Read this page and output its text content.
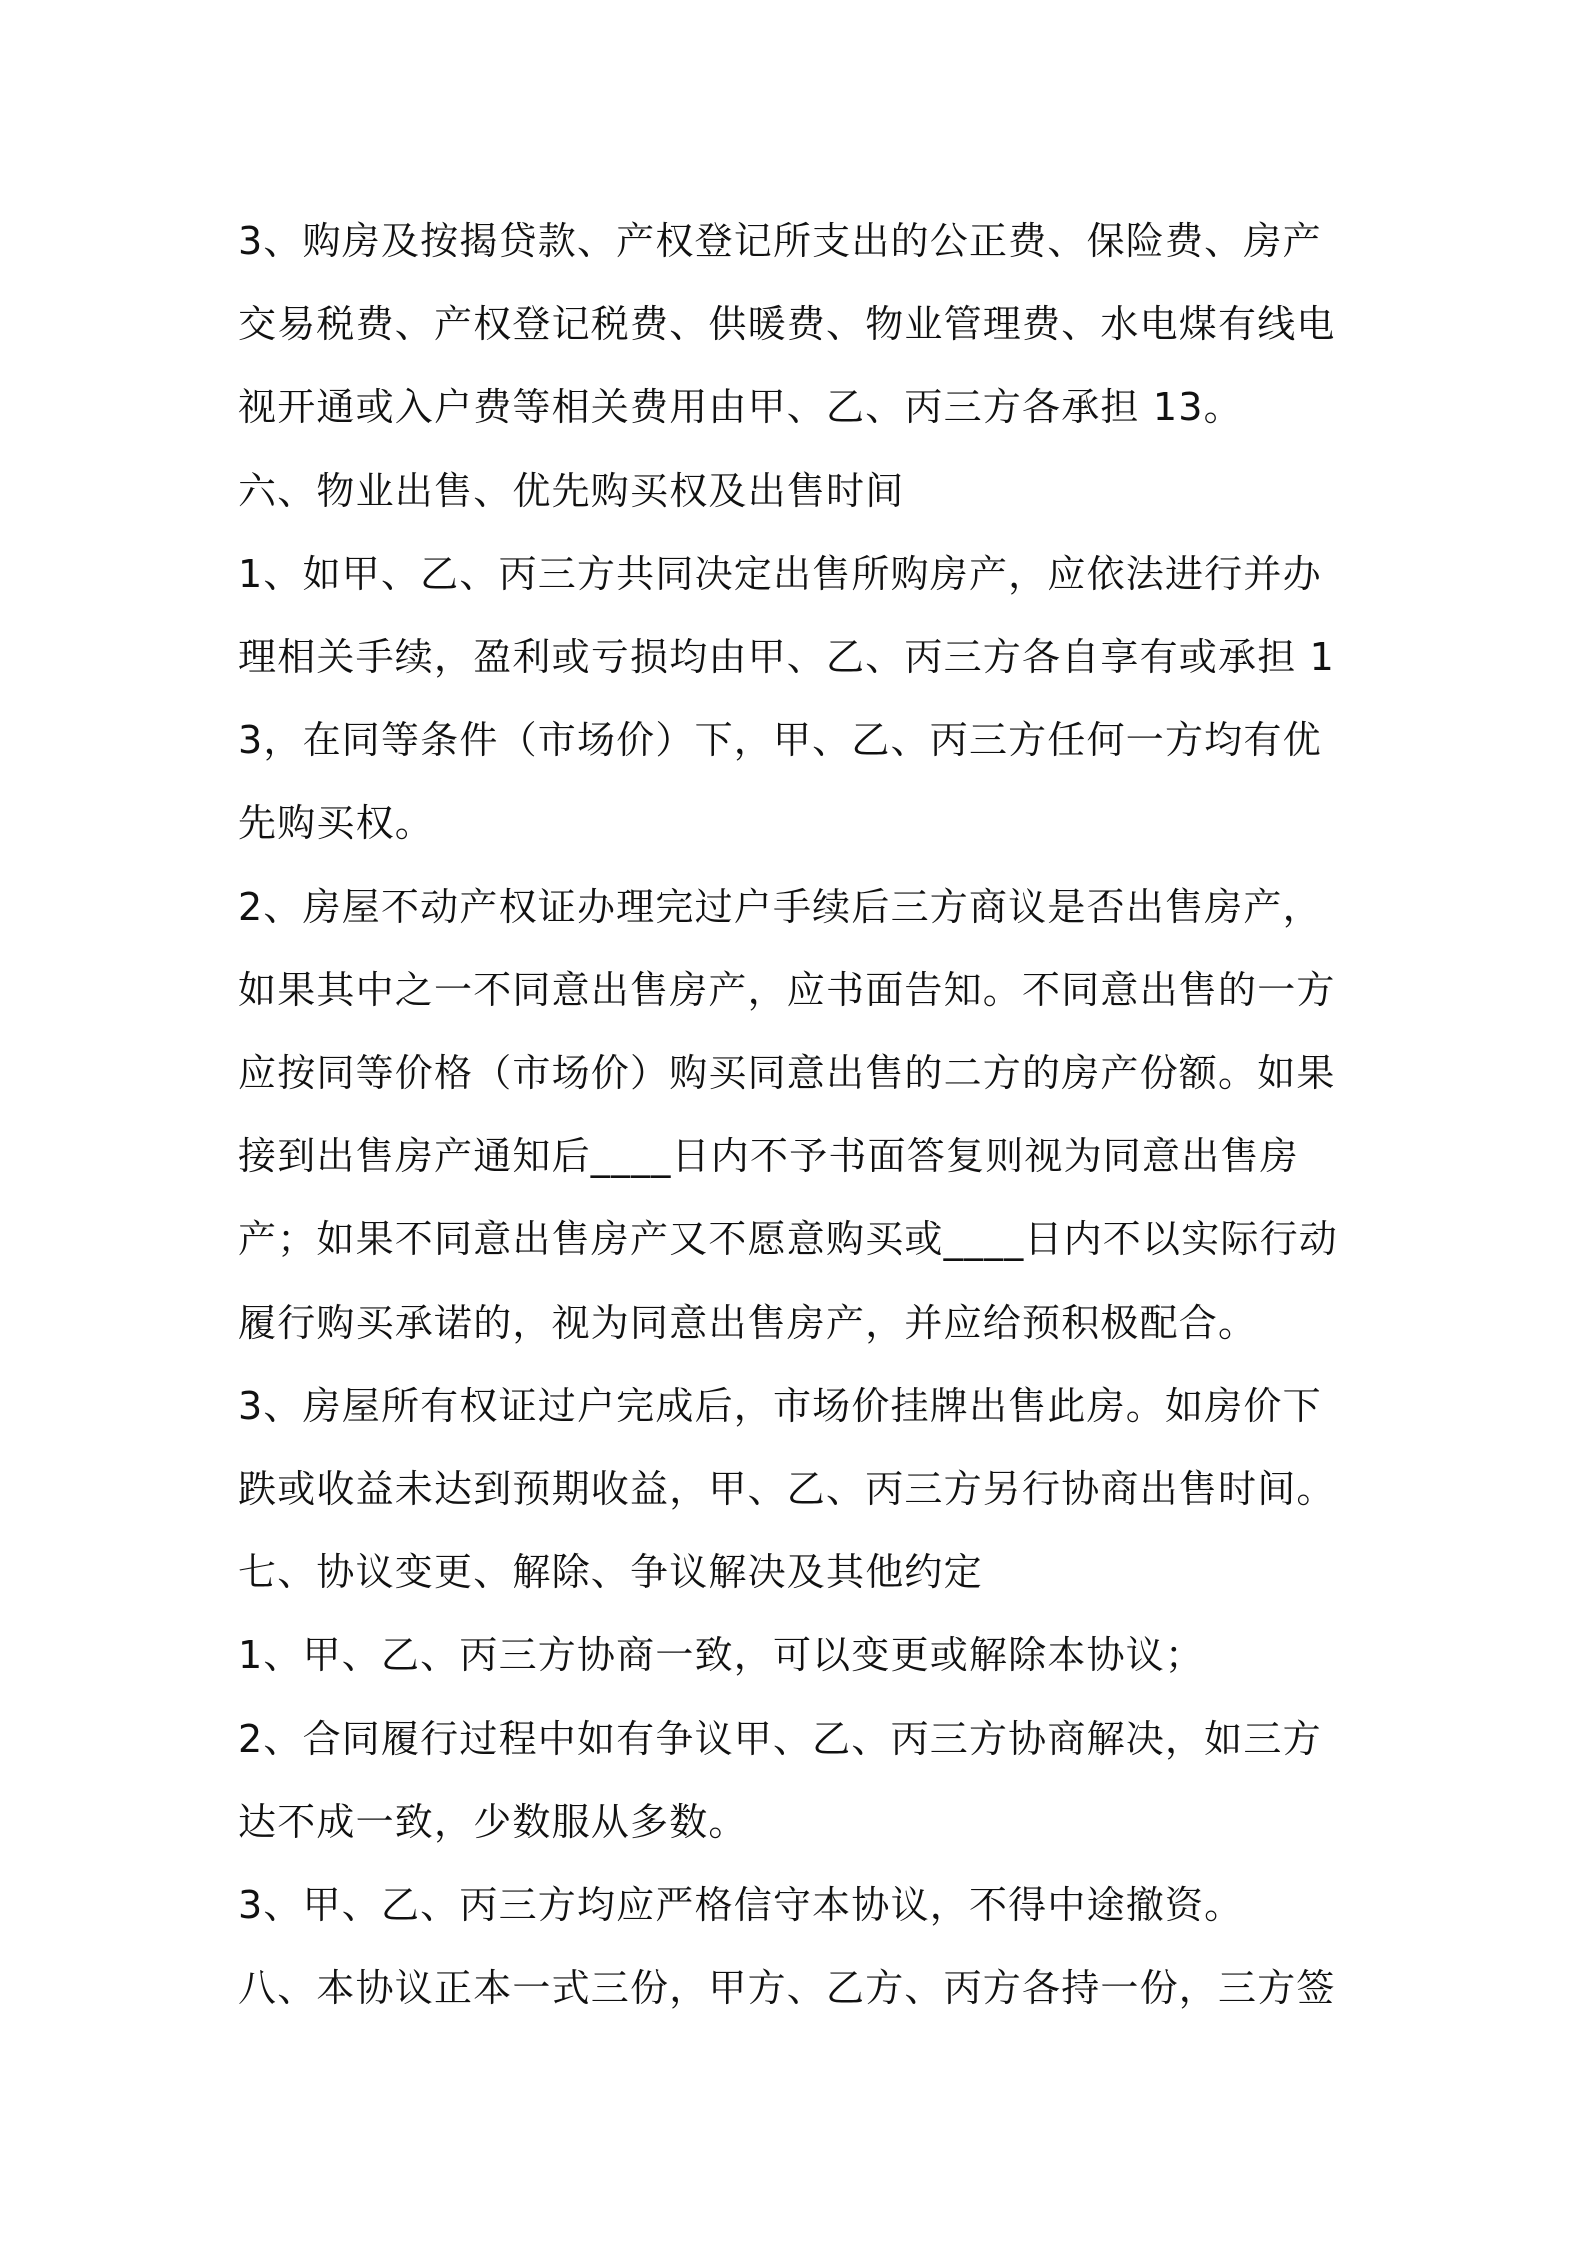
3、购房及按揭贷款、产权登记所支出的公正费、保险费、房产交易税费、产权登记税费、供暖费、物业管理费、水电煤有线电视开通或入户费等相关费用由甲、乙、丙三方各承担 13。

六、物业出售、优先购买权及出售时间

1、如甲、乙、丙三方共同决定出售所购房产，应依法进行并办理相关手续，盈利或亏损均由甲、乙、丙三方各自享有或承担 13，在同等条件（市场价）下，甲、乙、丙三方任何一方均有优先购买权。

2、房屋不动产权证办理完过户手续后三方商议是否出售房产，如果其中之一不同意出售房产，应书面告知。不同意出售的一方应按同等价格（市场价）购买同意出售的二方的房产份额。如果接到出售房产通知后____日内不予书面答复则视为同意出售房产；如果不同意出售房产又不愿意购买或____日内不以实际行动履行购买承诺的，视为同意出售房产，并应给预积极配合。

3、房屋所有权证过户完成后，市场价挂牌出售此房。如房价下跌或收益未达到预期收益，甲、乙、丙三方另行协商出售时间。

七、协议变更、解除、争议解决及其他约定

1、甲、乙、丙三方协商一致，可以变更或解除本协议；

2、合同履行过程中如有争议甲、乙、丙三方协商解决，如三方达不成一致，少数服从多数。

3、甲、乙、丙三方均应严格信守本协议，不得中途撤资。

八、本协议正本一式三份，甲方、乙方、丙方各持一份，三方签
